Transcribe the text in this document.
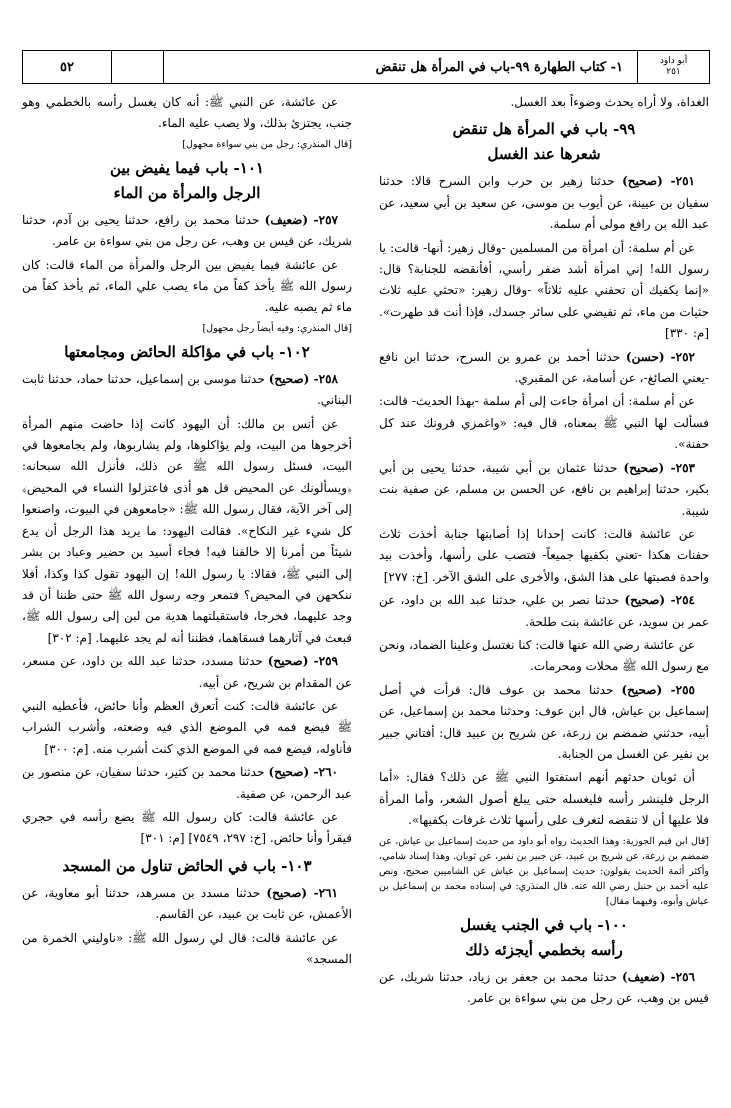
أبو داود
٢٥١
١- كتاب الطهارة ٩٩-باب في المرأة هل تنقض
٥٢

الغداة، ولا أراه يحدث وضوءاً بعد الغسل.

٩٩- باب في المرأة هل تنقض
شعرها عند الغسل

٢٥١- (صحيح) حدثنا زهير بن حرب وابن السرح قالا: حدثنا سفيان بن عيينة، عن أيوب بن موسى، عن سعيد بن أبي سعيد، عن عبد الله بن رافع مولى أم سلمة.

عن أم سلمة: أن امرأة من المسلمين -وقال زهير: أنها- قالت: يا رسول الله! إني امرأة أشد ضفر رأسي، أفأنقضه للجنابة؟ قال: «إنما يكفيك أن تحفني عليه ثلاثاً» -وقال زهير: «تحثي عليه ثلاث حثيات من ماء، ثم تفيضي على سائر جسدك، فإذا أنت قد طهرت». [م: ٣٣٠]

٢٥٢- (حسن) حدثنا أحمد بن عمرو بن السرح، حدثنا ابن نافع -يعني الصائغ-، عن أسامة، عن المقبري.

عن أم سلمة: أن امرأة جاءت إلى أم سلمة -بهذا الحديث- قالت: فسألت لها النبي ﷺ بمعناه، قال فيه: «واغمزي قرونك عند كل حفنة».

٢٥٣- (صحيح) حدثنا عثمان بن أبي شيبة، حدثنا يحيى بن أبي بكير، حدثنا إبراهيم بن نافع، عن الحسن بن مسلم، عن صفية بنت شيبة.

عن عائشة قالت: كانت إحدانا إذا أصابتها جنابة أخذت ثلاث حفنات هكذا -تعني بكفيها جميعاً- فتصب على رأسها، وأخذت بيد واحدة فصبتها على هذا الشق، والأخرى على الشق الآخر. [خ: ٢٧٧]

٢٥٤- (صحيح) حدثنا نصر بن علي، حدثنا عبد الله بن داود، عن عمر بن سويد، عن عائشة بنت طلحة.

عن عائشة رضي الله عنها قالت: كنا نغتسل وعلينا الضماد، ونحن مع رسول الله ﷺ محلات ومحرمات.

٢٥٥- (صحيح) حدثنا محمد بن عوف قال: قرأت في أصل إسماعيل بن عياش، قال ابن عوف: وحدثنا محمد بن إسماعيل، عن أبيه، حدثني ضمضم بن زرعة، عن شريح بن عبيد قال: أفتاني جبير بن نفير عن الغسل من الجنابة.

أن ثوبان حدثهم أنهم استفتوا النبي ﷺ عن ذلك؟ فقال: «أما الرجل فلينشر رأسه فليغسله حتى يبلغ أصول الشعر، وأما المرأة فلا عليها أن لا تنقضه لتغرف على رأسها ثلاث غرفات بكفيها».

[قال ابن قيم الجوزية: وهذا الحديث رواه أبو داود من حديث إسماعيل بن عياش، عن ضمضم بن زرعة، عن شريح بن عبيد، عن جبير بن نفير، عن ثوبان. وهذا إسناد شامي، وأكثر أئمة الحديث يقولون: حديث إسماعيل بن عياش عن الشاميين صحيح، ونص عليه أحمد بن حنبل رضي الله عنه. قال المنذري: في إسناده محمد بن إسماعيل بن عياش وأبوه، وفيهما مقال]

١٠٠- باب في الجنب يغسل
رأسه بخطمي أيجزئه ذلك

٢٥٦- (ضعيف) حدثنا محمد بن جعفر بن زياد، حدثنا شريك، عن قيس بن وهب، عن رجل من بني سواءة بن عامر.

عن عائشة، عن النبي ﷺ: أنه كان يغسل رأسه بالخطمي وهو جنب، يجتزئ بذلك، ولا يصب عليه الماء.

[قال المنذري: رجل من بني سواءة مجهول]

١٠١- باب فيما يفيض بين
الرجل والمرأة من الماء

٢٥٧- (ضعيف) حدثنا محمد بن رافع، حدثنا يحيى بن آدم، حدثنا شريك، عن قيس بن وهب، عن رجل من بني سواءة بن عامر.

عن عائشة فيما يفيض بين الرجل والمرأة من الماء قالت: كان رسول الله ﷺ يأخذ كفاً من ماء يصب علي الماء، ثم يأخذ كفاً من ماء ثم يصبه عليه.

[قال المنذري: وفيه أيضاً رجل مجهول]

١٠٢- باب في مؤاكلة الحائض ومجامعتها

٢٥٨- (صحيح) حدثنا موسى بن إسماعيل، حدثنا حماد، حدثنا ثابت البناني.

عن أنس بن مالك: أن اليهود كانت إذا حاضت منهم المرأة أخرجوها من البيت، ولم يؤاكلوها، ولم يشاربوها، ولم يجامعوها في البيت، فسئل رسول الله ﷺ عن ذلك، فأنزل الله سبحانه: ﴿ويسألونك عن المحيض قل هو أذى فاعتزلوا النساء في المحيض﴾ إلى آخر الآية، فقال رسول الله ﷺ: «جامعوهن في البيوت، واصنعوا كل شيء غير النكاح». فقالت اليهود: ما يريد هذا الرجل أن يدع شيئاً من أمرنا إلا خالفنا فيه! فجاء أسيد بن حضير وعباد بن بشر إلى النبي ﷺ، فقالا: يا رسول الله! إن اليهود تقول كذا وكذا، أفلا ننكحهن في المحيض؟ فتمعر وجه رسول الله ﷺ حتى ظننا أن قد وجد عليهما، فخرجا، فاستقبلتهما هدية من لبن إلى رسول الله ﷺ، فبعث في آثارهما فسقاهما، فظننا أنه لم يجد عليهما. [م: ٣٠٢]

٢٥٩- (صحيح) حدثنا مسدد، حدثنا عبد الله بن داود، عن مسعر، عن المقدام بن شريح، عن أبيه.

عن عائشة قالت: كنت أتعرق العظم وأنا حائض، فأعطيه النبي ﷺ فيضع فمه في الموضع الذي فيه وضعته، وأشرب الشراب فأناوله، فيضع فمه في الموضع الذي كنت أشرب منه. [م: ٣٠٠]

٢٦٠- (صحيح) حدثنا محمد بن كثير، حدثنا سفيان، عن منصور بن عبد الرحمن، عن صفية.

عن عائشة قالت: كان رسول الله ﷺ يضع رأسه في حجري فيقرأ وأنا حائض. [خ: ٢٩٧، ٧٥٤٩] [م: ٣٠١]

١٠٣- باب في الحائض تناول من المسجد

٢٦١- (صحيح) حدثنا مسدد بن مسرهد، حدثنا أبو معاوية، عن الأعمش، عن ثابت بن عبيد، عن القاسم.

عن عائشة قالت: قال لي رسول الله ﷺ: «ناوليني الخمرة من المسجد»
